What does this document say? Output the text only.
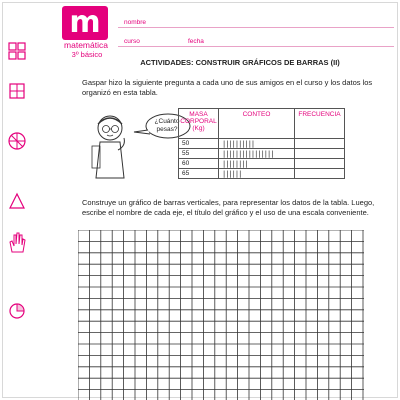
m
matemática
3º básico
nombre
curso	fecha
ACTIVIDADES: CONSTRUIR GRÁFICOS DE BARRAS (II)
Gaspar hizo la siguiente pregunta a cada uno de sus amigos en el curso y los datos los
organizó en esta tabla.
¿Cuánto
pesas?
MASA
CORPORAL
(Kg)	CONTEO	FRECUENCIA
50	||||||||||	
55	||||||||||||||||	
60	||||||||	
65	||||||	
Construye un gráfico de barras verticales, para representar los datos de la tabla. Luego,
escribe el nombre de cada eje, el título del gráfico y el uso de una escala conveniente.
